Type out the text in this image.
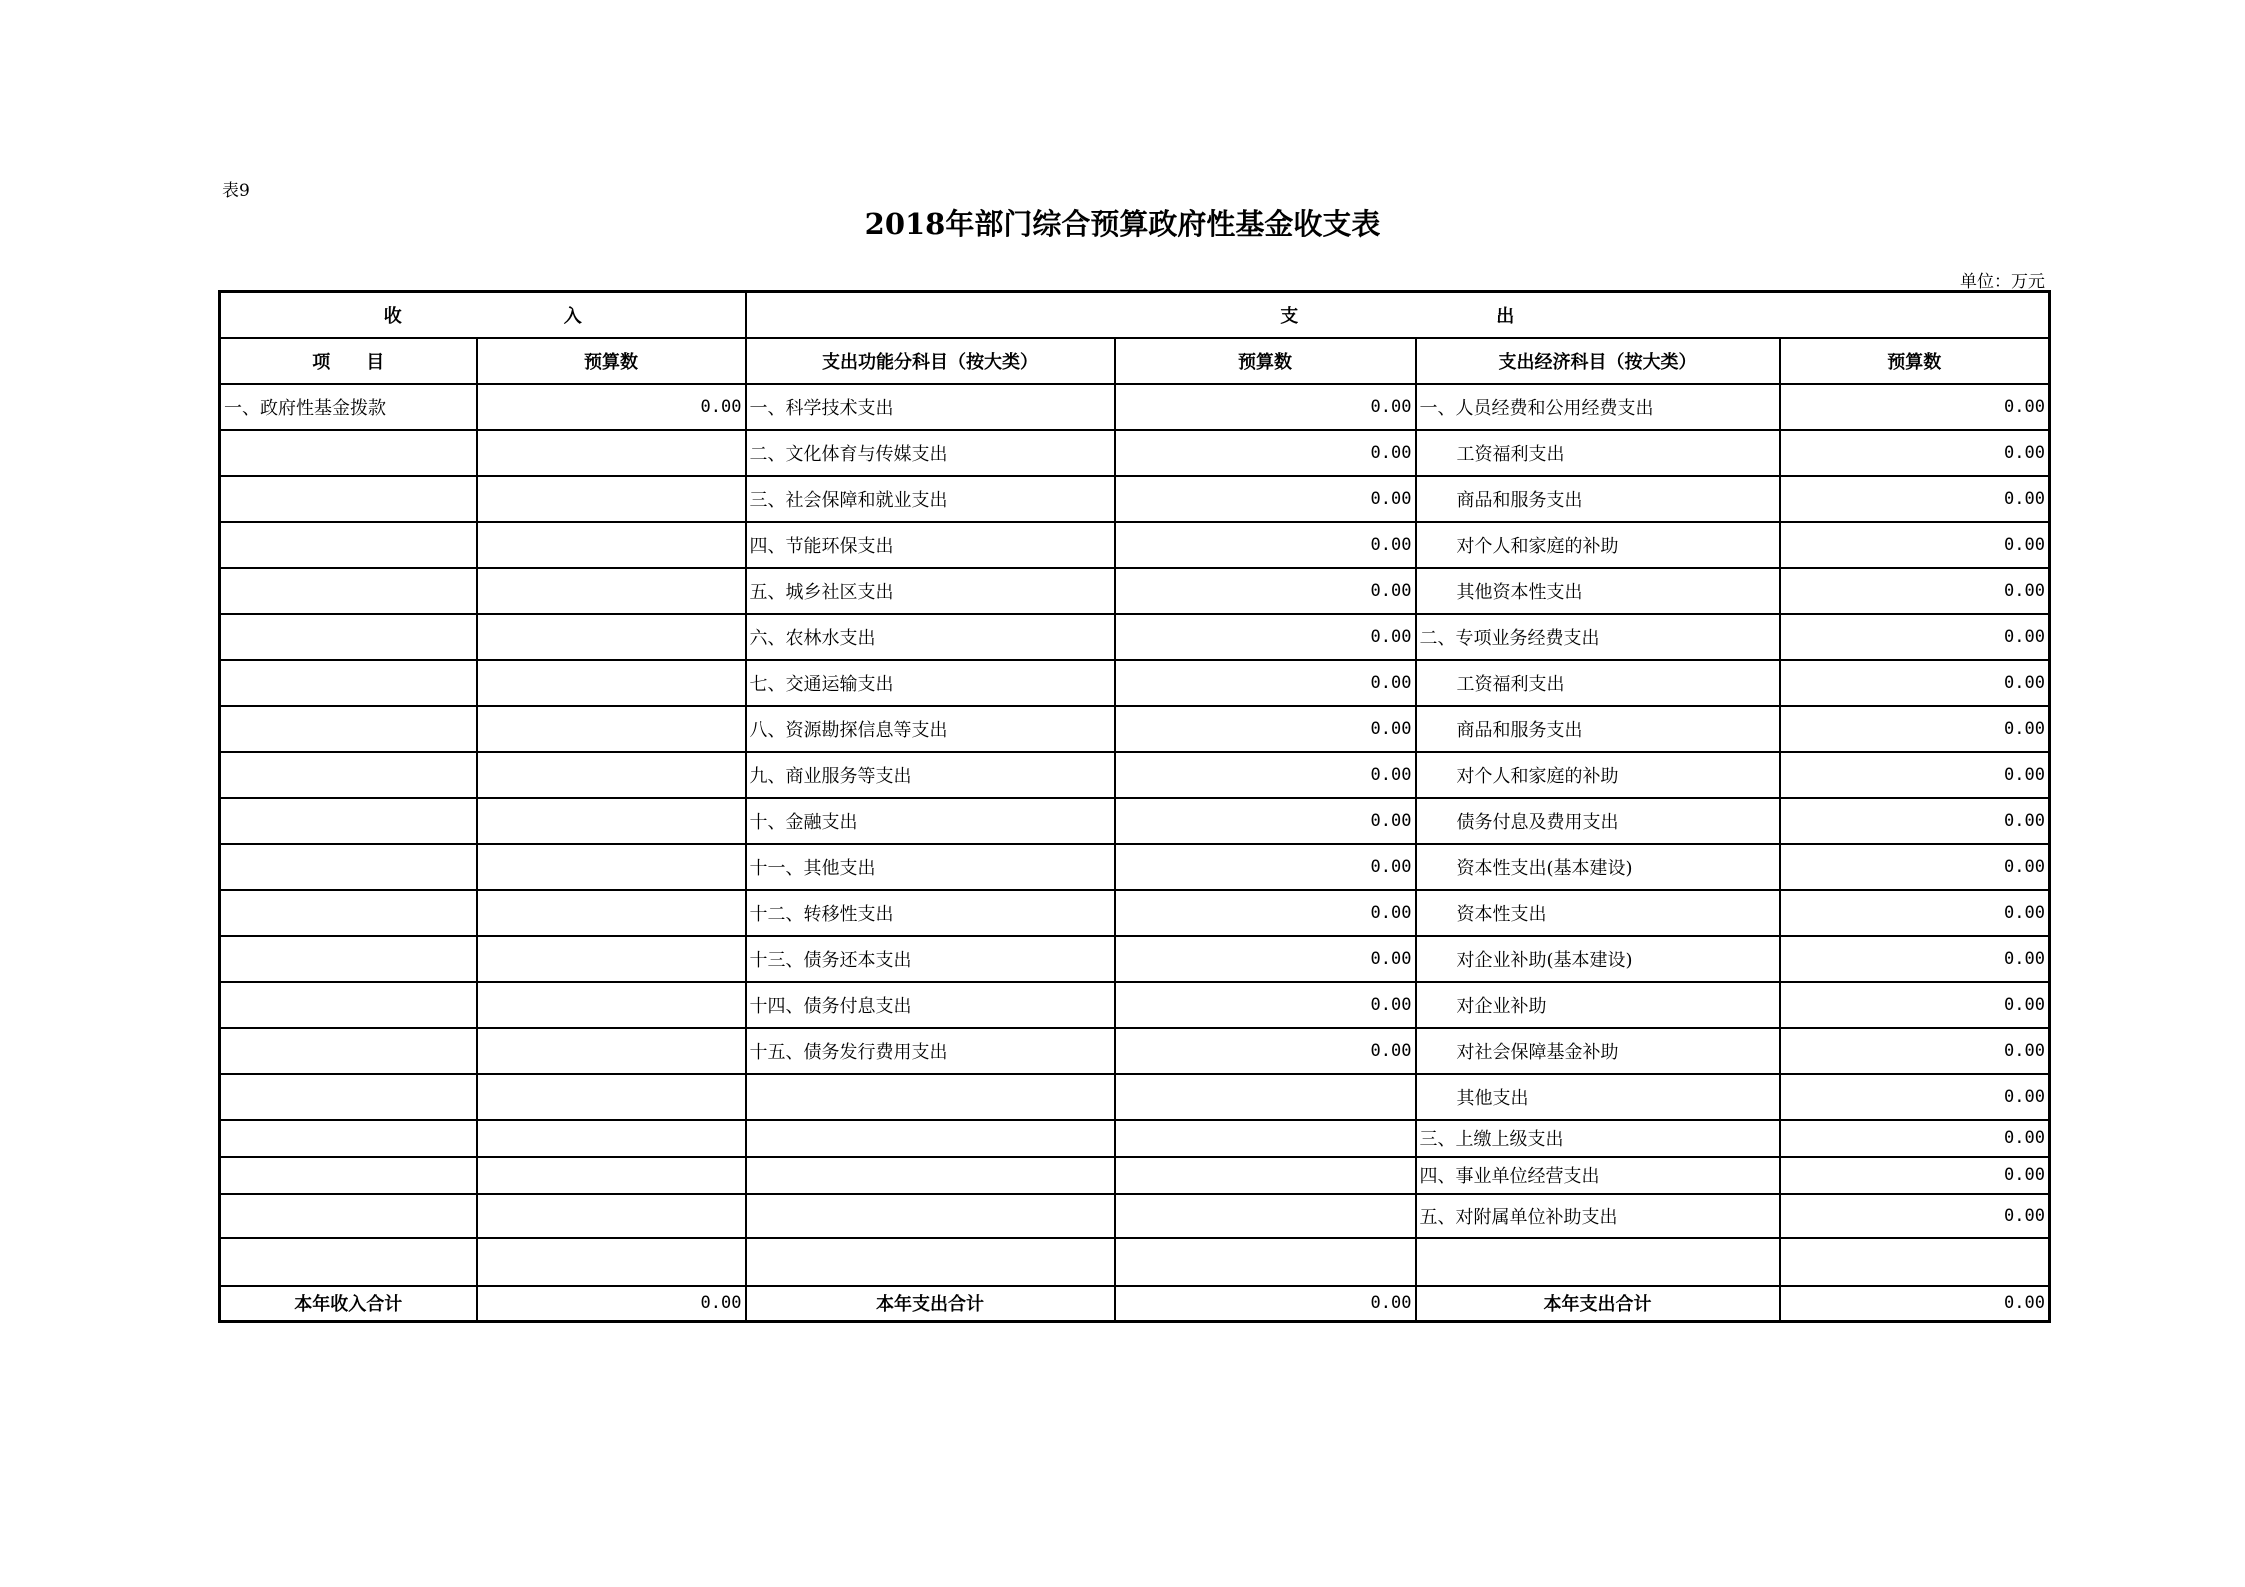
表9
2018年部门综合预算政府性基金收支表
单位：万元
收　　　　　　　　　入		支　　　　　　　　　　　出			
项　　目	预算数	支出功能分科目（按大类）	预算数	支出经济科目（按大类）	预算数
一、政府性基金拨款	0.00	一、科学技术支出	0.00	一、人员经费和公用经费支出	0.00
		二、文化体育与传媒支出	0.00	工资福利支出	0.00
		三、社会保障和就业支出	0.00	商品和服务支出	0.00
		四、节能环保支出	0.00	对个人和家庭的补助	0.00
		五、城乡社区支出	0.00	其他资本性支出	0.00
		六、农林水支出	0.00	二、专项业务经费支出	0.00
		七、交通运输支出	0.00	工资福利支出	0.00
		八、资源勘探信息等支出	0.00	商品和服务支出	0.00
		九、商业服务等支出	0.00	对个人和家庭的补助	0.00
		十、金融支出	0.00	债务付息及费用支出	0.00
		十一、其他支出	0.00	资本性支出(基本建设)	0.00
		十二、转移性支出	0.00	资本性支出	0.00
		十三、债务还本支出	0.00	对企业补助(基本建设)	0.00
		十四、债务付息支出	0.00	对企业补助	0.00
		十五、债务发行费用支出	0.00	对社会保障基金补助	0.00
				其他支出	0.00
				三、上缴上级支出	0.00
				四、事业单位经营支出	0.00
				五、对附属单位补助支出	0.00

本年收入合计	0.00	本年支出合计	0.00	本年支出合计	0.00
